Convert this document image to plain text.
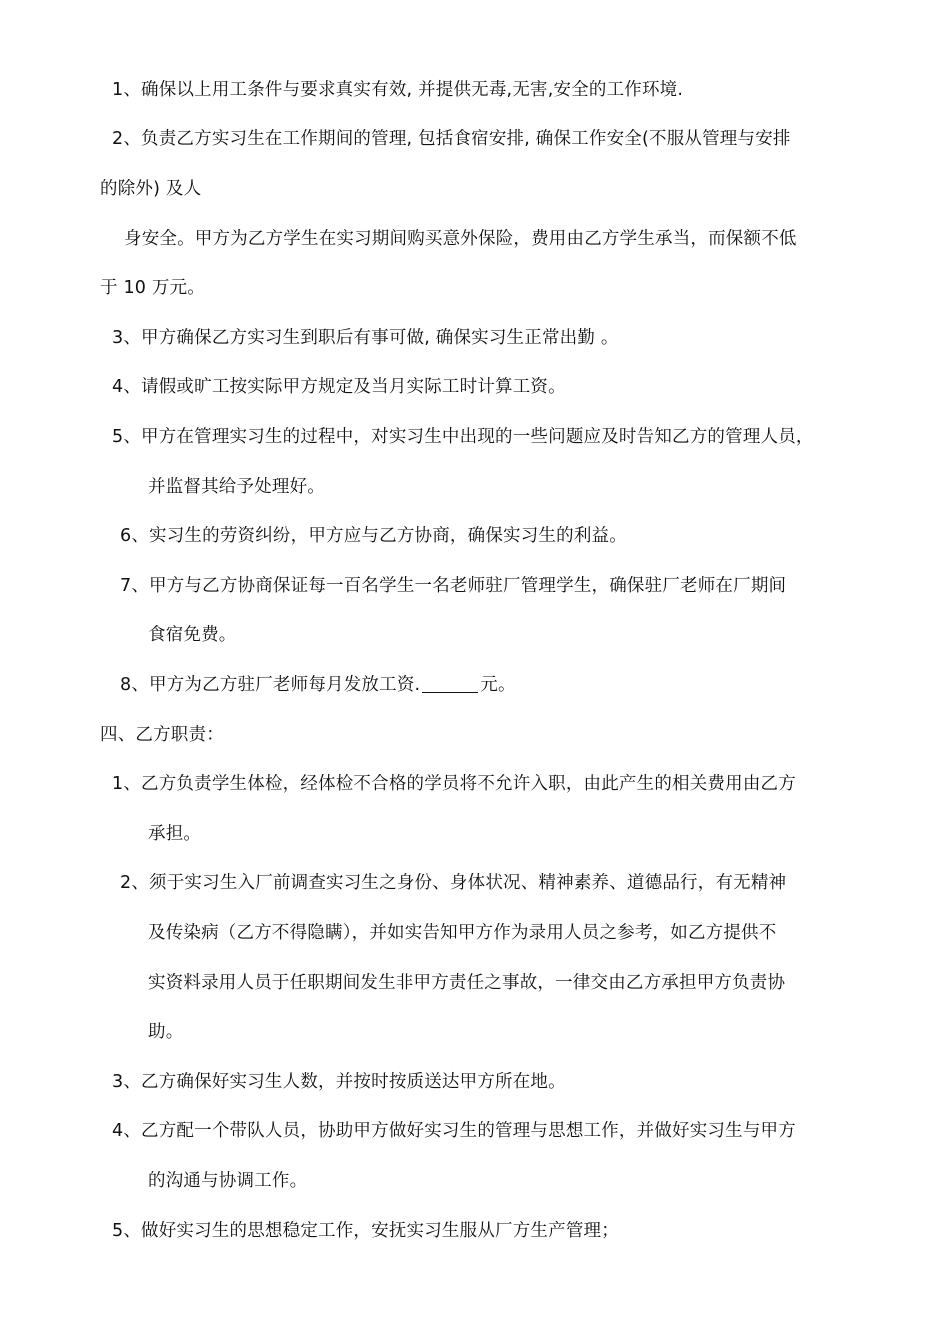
1、确保以上用工条件与要求真实有效, 并提供无毒,无害,安全的工作环境.
2、负责乙方实习生在工作期间的管理, 包括食宿安排, 确保工作安全(不服从管理与安排
的除外) 及人
身安全。甲方为乙方学生在实习期间购买意外保险，费用由乙方学生承当，而保额不低
于 10 万元。
3、甲方确保乙方实习生到职后有事可做, 确保实习生正常出勤 。
4、请假或旷工按实际甲方规定及当月实际工时计算工资。
5、甲方在管理实习生的过程中，对实习生中出现的一些问题应及时告知乙方的管理人员，
并监督其给予处理好。
6、实习生的劳资纠纷，甲方应与乙方协商，确保实习生的利益。
7、甲方与乙方协商保证每一百名学生一名老师驻厂管理学生，确保驻厂老师在厂期间
食宿免费。
8、甲方为乙方驻厂老师每月发放工资.	元。
四、乙方职责：
1、乙方负责学生体检，经体检不合格的学员将不允许入职，由此产生的相关费用由乙方
承担。
2、须于实习生入厂前调查实习生之身份、身体状况、精神素养、道德品行，有无精神
及传染病（乙方不得隐瞒），并如实告知甲方作为录用人员之参考，如乙方提供不
实资料录用人员于任职期间发生非甲方责任之事故，一律交由乙方承担甲方负责协
助。
3、乙方确保好实习生人数，并按时按质送达甲方所在地。
4、乙方配一个带队人员，协助甲方做好实习生的管理与思想工作，并做好实习生与甲方
的沟通与协调工作。
5、做好实习生的思想稳定工作，安抚实习生服从厂方生产管理；
